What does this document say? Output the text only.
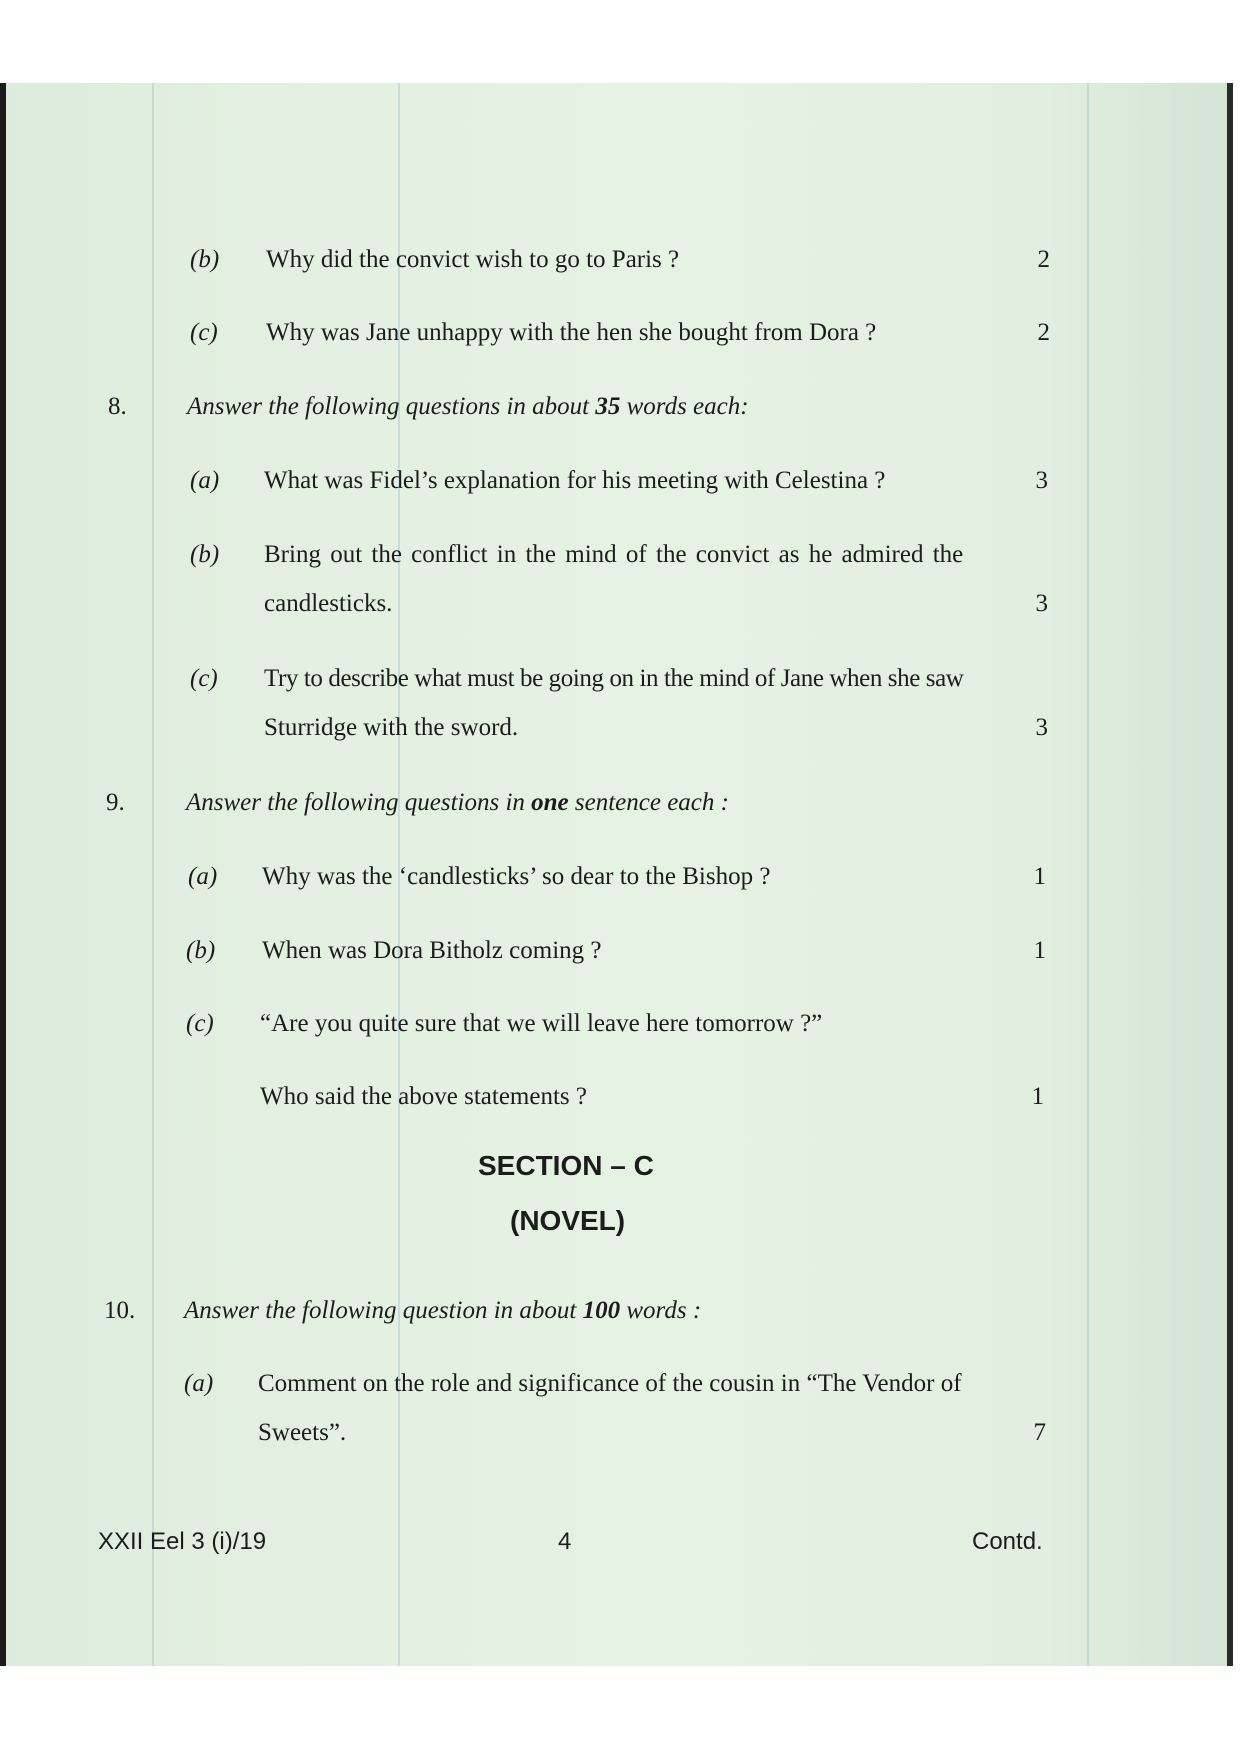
(b) Why did the convict wish to go to Paris ?	2
(c) Why was Jane unhappy with the hen she bought from Dora ?	2
8. Answer the following questions in about 35 words each:
(a) What was Fidel’s explanation for his meeting with Celestina ?	3
(b) Bring out the conflict in the mind of the convict as he admired the
candlesticks.	3
(c) Try to describe what must be going on in the mind of Jane when she saw
Sturridge with the sword.	3
9. Answer the following questions in one sentence each :
(a) Why was the ‘candlesticks’ so dear to the Bishop ?	1
(b) When was Dora Bitholz coming ?	1
(c) “Are you quite sure that we will leave here tomorrow ?”
Who said the above statements ?	1
SECTION – C
(NOVEL)
10. Answer the following question in about 100 words :
(a) Comment on the role and significance of the cousin in “The Vendor of
Sweets”.	7
XXII Eel 3 (i)/19	4	Contd.
